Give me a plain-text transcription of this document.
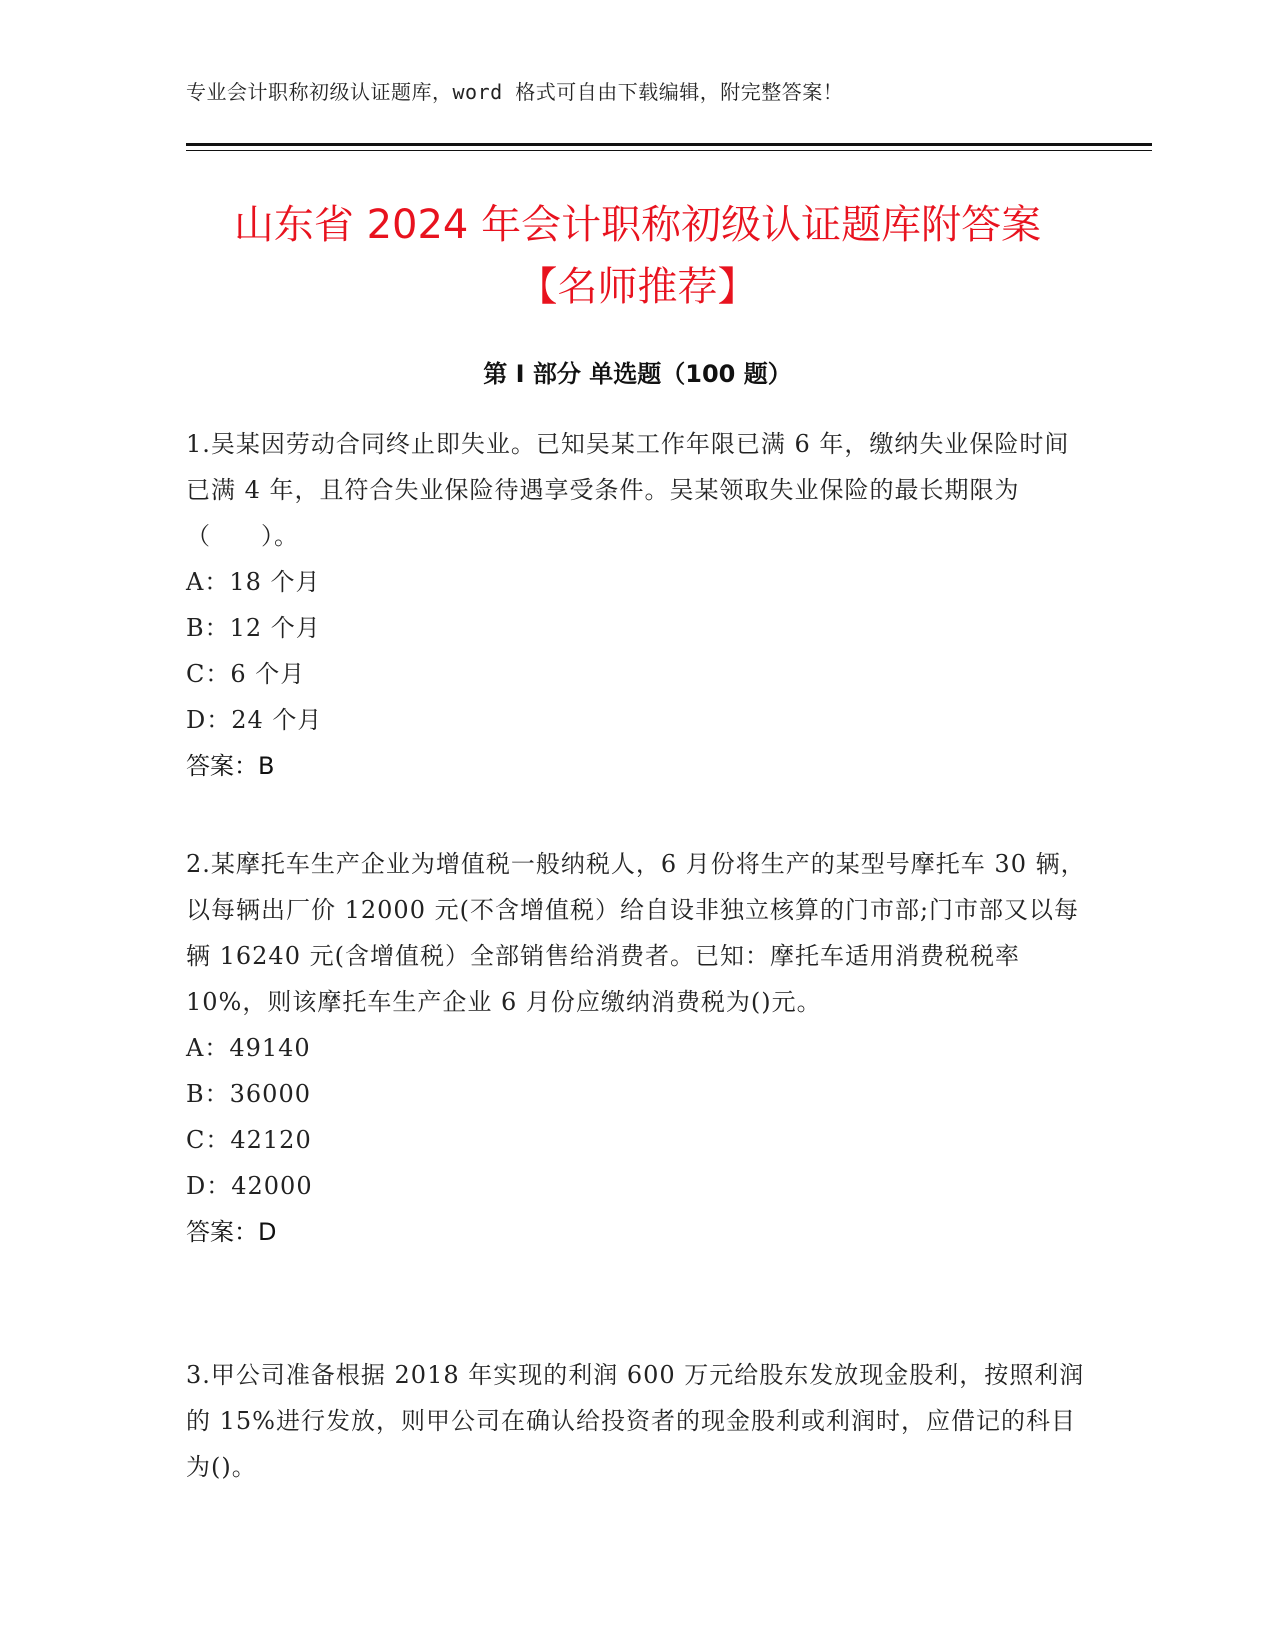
专业会计职称初级认证题库，word 格式可自由下载编辑，附完整答案！
山东省 2024 年会计职称初级认证题库附答案
【名师推荐】
第 I 部分 单选题（100 题）

1.吴某因劳动合同终止即失业。已知吴某工作年限已满 6 年，缴纳失业保险时间已满 4 年，且符合失业保险待遇享受条件。吴某领取失业保险的最长期限为（　　）。

A：18 个月

B：12 个月

C：6 个月

D：24 个月

答案：B

2.某摩托车生产企业为增值税一般纳税人，6 月份将生产的某型号摩托车 30 辆，以每辆出厂价 12000 元(不含增值税）给自设非独立核算的门市部;门市部又以每辆 16240 元(含增值税）全部销售给消费者。已知：摩托车适用消费税税率 10%，则该摩托车生产企业 6 月份应缴纳消费税为()元。

A：49140

B：36000

C：42120

D：42000

答案：D

3.甲公司准备根据 2018 年实现的利润 600 万元给股东发放现金股利，按照利润的 15%进行发放，则甲公司在确认给投资者的现金股利或利润时，应借记的科目为()。
